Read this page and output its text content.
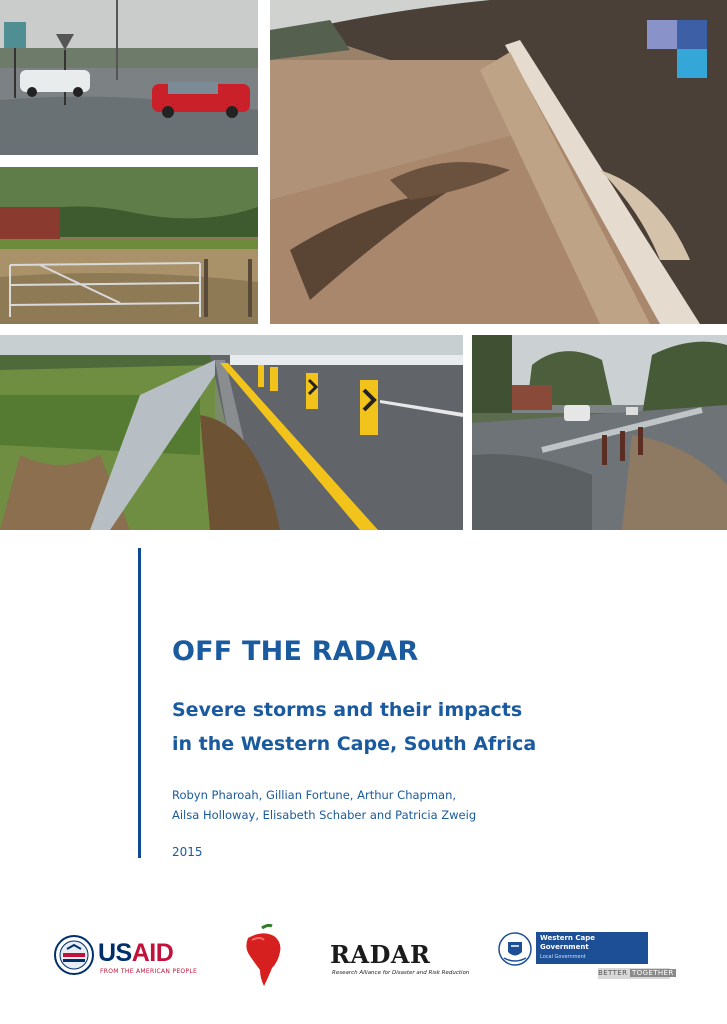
OFF THE RADAR
Severe storms and their impacts
in the Western Cape, South Africa
Robyn Pharoah, Gillian Fortune, Arthur Chapman,
Ailsa Holloway, Elisabeth Schaber and Patricia Zweig
2015
USAID
FROM THE AMERICAN PEOPLE
RADAR
Research Alliance for Disaster and Risk Reduction
Western Cape
Government
Local Government
BETTER TOGETHER
